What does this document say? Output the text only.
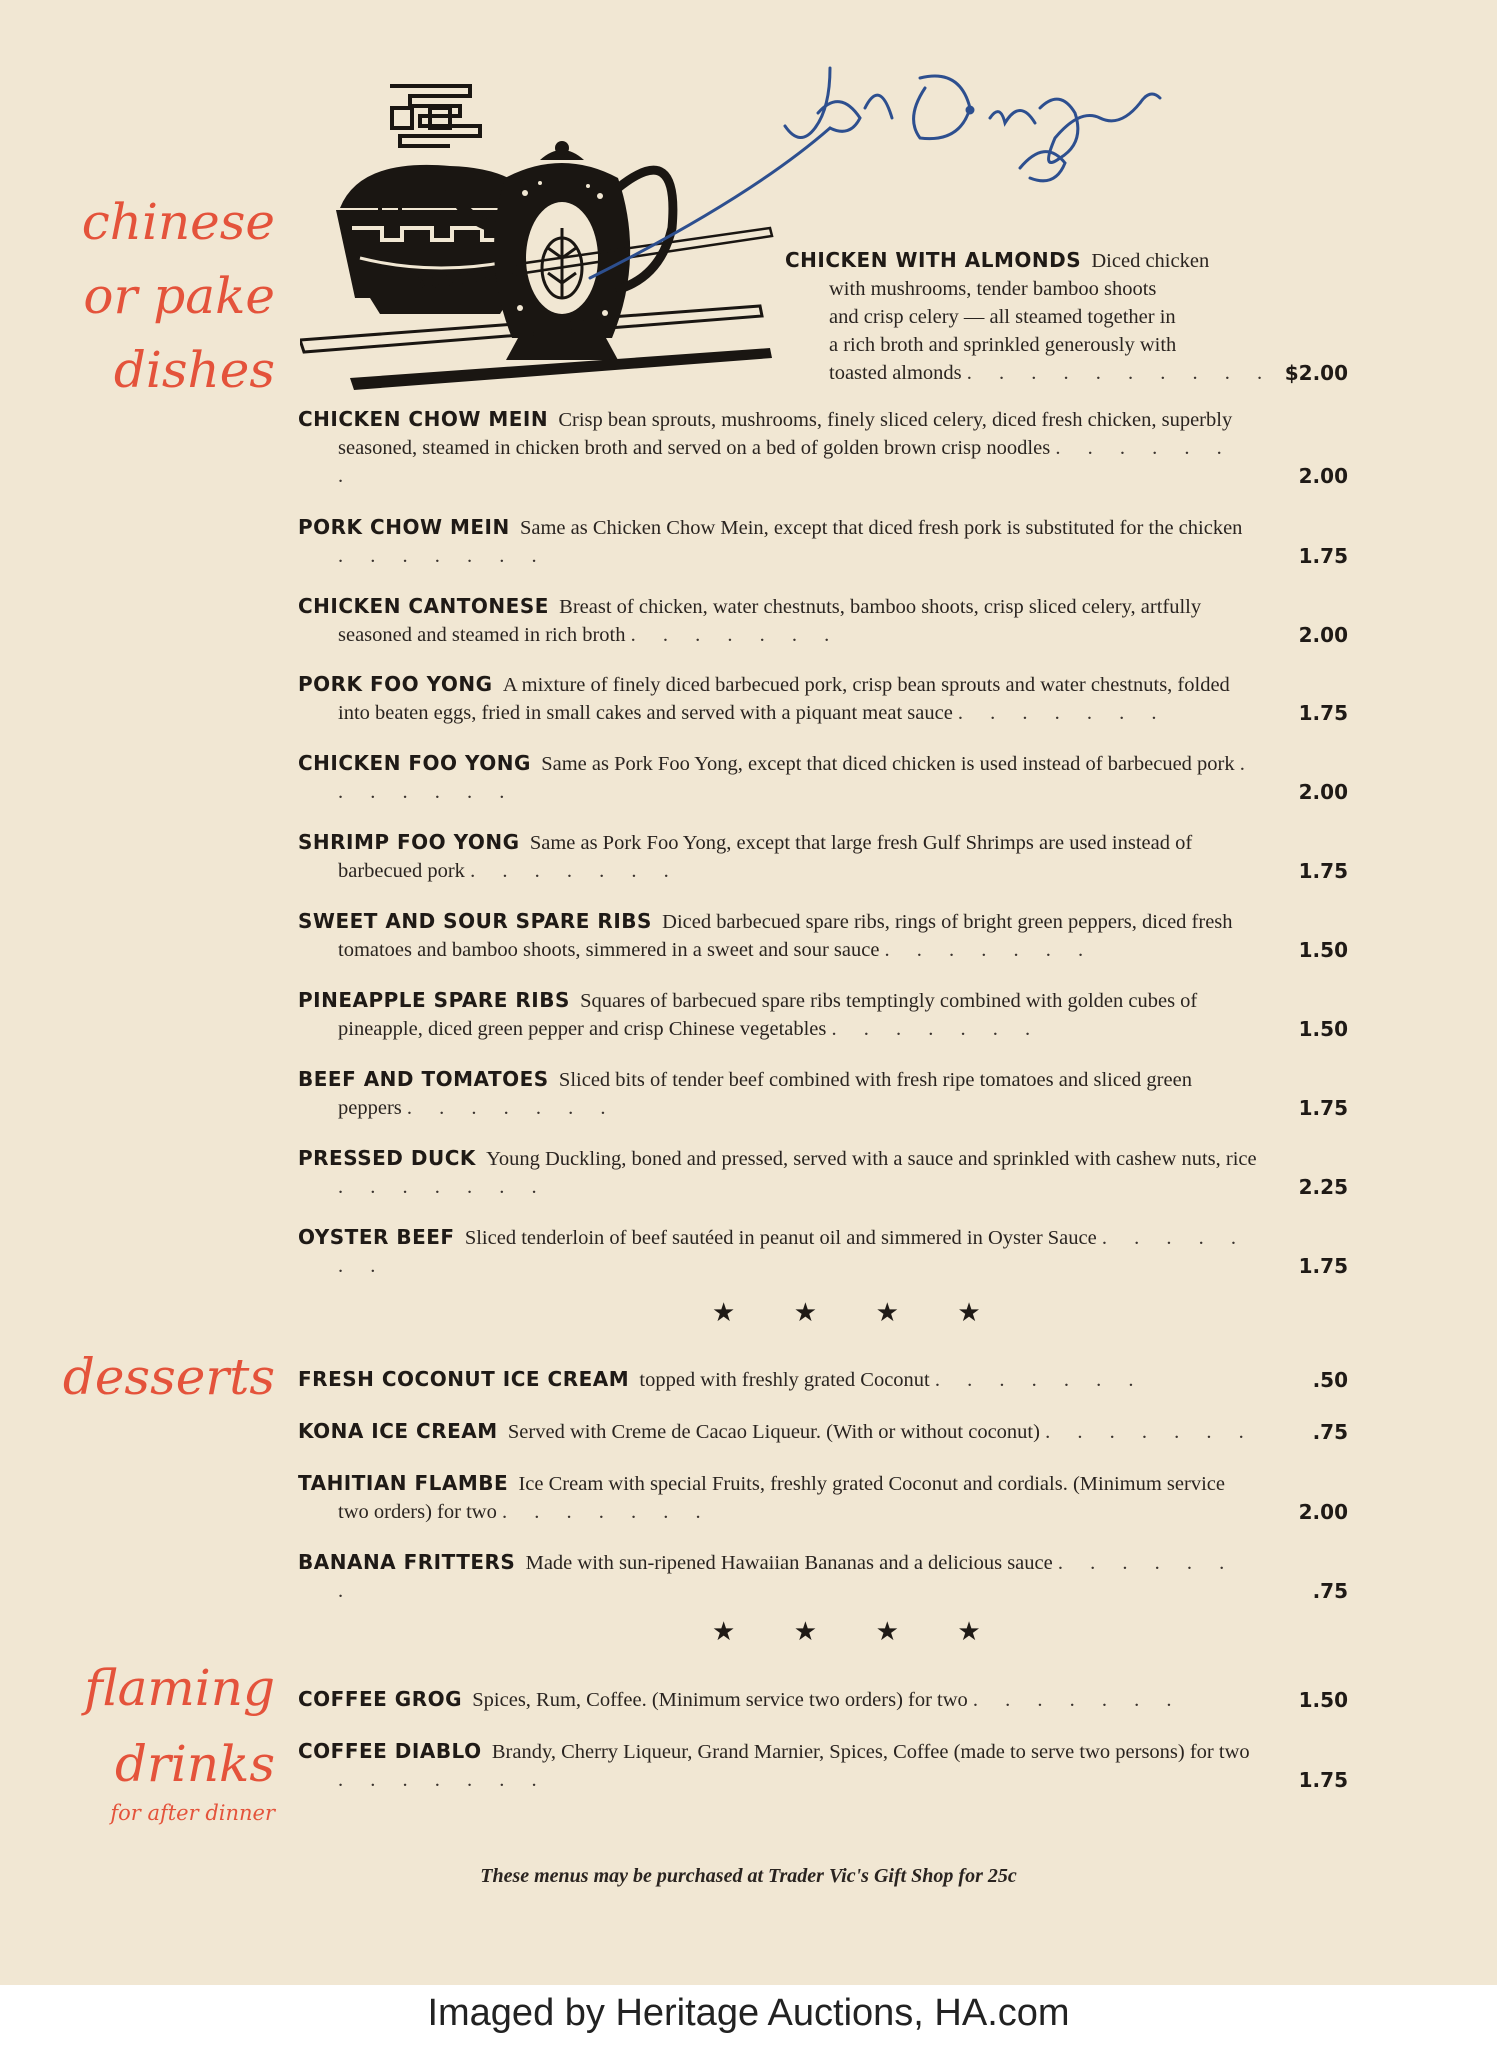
chinese
or pake
dishes
desserts
flaming
drinks
for after dinner
CHICKEN WITH ALMONDS Diced chicken
with mushrooms, tender bamboo shoots
and crisp celery — all steamed together in
a rich broth and sprinkled generously with
toasted almonds . . . . . . . . . . $2.00
CHICKEN CHOW MEIN Crisp bean sprouts, mushrooms, finely sliced celery, diced fresh chicken, superbly seasoned, steamed in chicken broth and served on a bed of golden brown crisp noodles . . . . . . .	2.00
PORK CHOW MEIN Same as Chicken Chow Mein, except that diced fresh pork is substituted for the chicken . . . . . . .	1.75
CHICKEN CANTONESE Breast of chicken, water chestnuts, bamboo shoots, crisp sliced celery, artfully seasoned and steamed in rich broth . . . . . . .	2.00
PORK FOO YONG A mixture of finely diced barbecued pork, crisp bean sprouts and water chestnuts, folded into beaten eggs, fried in small cakes and served with a piquant meat sauce . . . . . . .	1.75
CHICKEN FOO YONG Same as Pork Foo Yong, except that diced chicken is used instead of barbecued pork . . . . . . .	2.00
SHRIMP FOO YONG Same as Pork Foo Yong, except that large fresh Gulf Shrimps are used instead of barbecued pork . . . . . . .	1.75
SWEET AND SOUR SPARE RIBS Diced barbecued spare ribs, rings of bright green peppers, diced fresh tomatoes and bamboo shoots, simmered in a sweet and sour sauce . . . . . . .	1.50
PINEAPPLE SPARE RIBS Squares of barbecued spare ribs temptingly combined with golden cubes of pineapple, diced green pepper and crisp Chinese vegetables . . . . . . .	1.50
BEEF AND TOMATOES Sliced bits of tender beef combined with fresh ripe tomatoes and sliced green peppers . . . . . . .	1.75
PRESSED DUCK Young Duckling, boned and pressed, served with a sauce and sprinkled with cashew nuts, rice . . . . . . .	2.25
OYSTER BEEF Sliced tenderloin of beef sautéed in peanut oil and simmered in Oyster Sauce . . . . . . .	1.75
★ ★ ★ ★
FRESH COCONUT ICE CREAM topped with freshly grated Coconut . . . . . . .	.50
KONA ICE CREAM Served with Creme de Cacao Liqueur. (With or without coconut) . . . . . . .	.75
TAHITIAN FLAMBE Ice Cream with special Fruits, freshly grated Coconut and cordials. (Minimum service two orders) for two . . . . . . .	2.00
BANANA FRITTERS Made with sun-ripened Hawaiian Bananas and a delicious sauce . . . . . . .	.75
★ ★ ★ ★
COFFEE GROG Spices, Rum, Coffee. (Minimum service two orders) for two . . . . . . .	1.50
COFFEE DIABLO Brandy, Cherry Liqueur, Grand Marnier, Spices, Coffee (made to serve two persons) for two . . . . . . .	1.75
These menus may be purchased at Trader Vic's Gift Shop for 25c
Imaged by Heritage Auctions, HA.com
